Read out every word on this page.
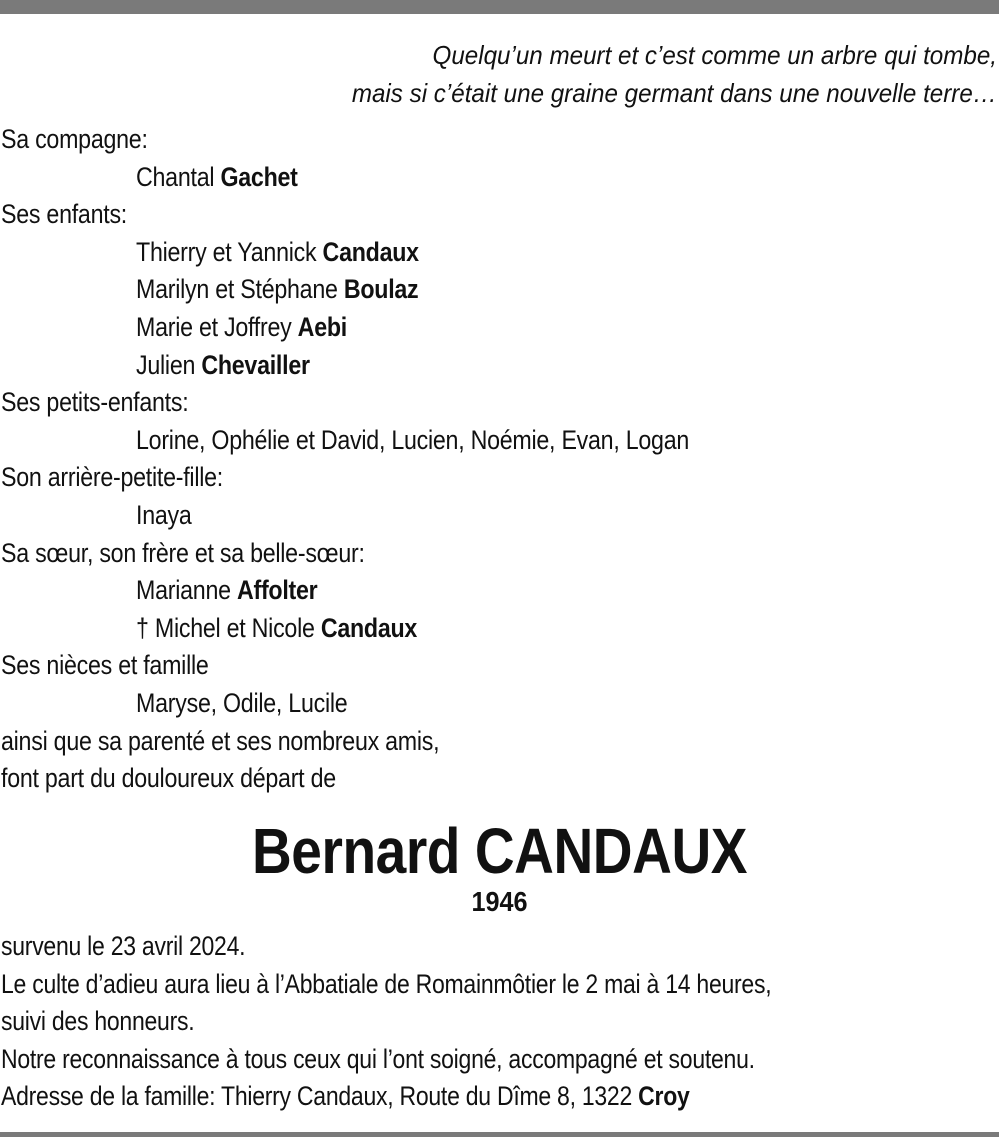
Quelqu’un meurt et c’est comme un arbre qui tombe,
mais si c’était une graine germant dans une nouvelle terre…
Sa compagne:
Chantal Gachet
Ses enfants:
Thierry et Yannick Candaux
Marilyn et Stéphane Boulaz
Marie et Joffrey Aebi
Julien Chevailler
Ses petits-enfants:
Lorine, Ophélie et David, Lucien, Noémie, Evan, Logan
Son arrière-petite-fille:
Inaya
Sa sœur, son frère et sa belle-sœur:
Marianne Affolter
† Michel et Nicole Candaux
Ses nièces et famille
Maryse, Odile, Lucile
ainsi que sa parenté et ses nombreux amis,
font part du douloureux départ de
Bernard CANDAUX
1946
survenu le 23 avril 2024.
Le culte d’adieu aura lieu à l’Abbatiale de Romainmôtier le 2 mai à 14 heures,
suivi des honneurs.
Notre reconnaissance à tous ceux qui l’ont soigné, accompagné et soutenu.
Adresse de la famille: Thierry Candaux, Route du Dîme 8, 1322 Croy
